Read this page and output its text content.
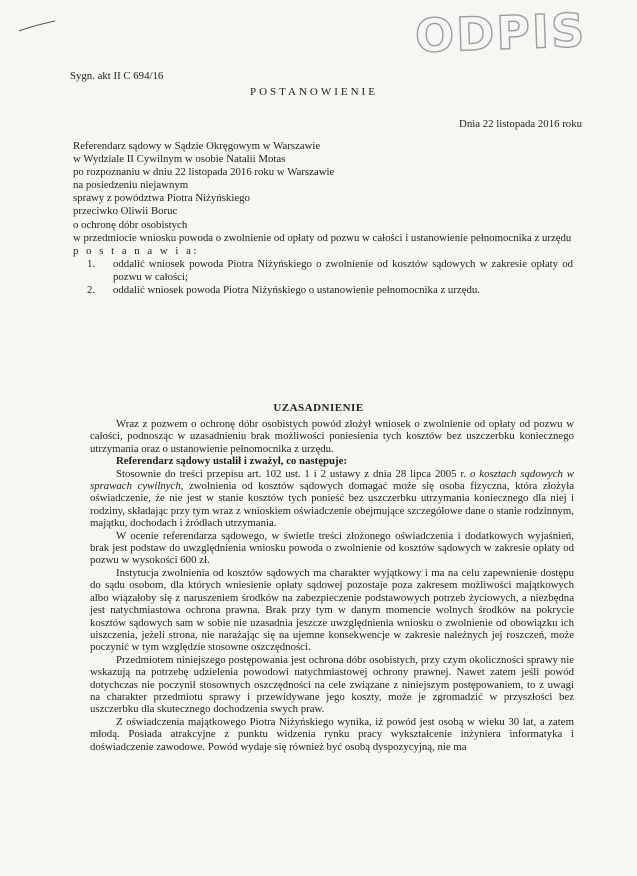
ODPIS
Sygn. akt II C 694/16
POSTANOWIENIE
Dnia 22 listopada 2016 roku
Referendarz sądowy w Sądzie Okręgowym w Warszawie
w Wydziale II Cywilnym w osobie Natalii Motas
po rozpoznaniu w dniu 22 listopada 2016 roku w Warszawie
na posiedzeniu niejawnym
sprawy z powództwa Piotra Niżyńskiego
przeciwko Oliwii Boruc
o ochronę dóbr osobistych
w przedmiocie wniosku powoda o zwolnienie od opłaty od pozwu w całości i ustanowienie pełnomocnika z urzędu
p o s t a n a w i a:
1.	oddalić wniosek powoda Piotra Niżyńskiego o zwolnienie od kosztów sądowych w zakresie opłaty od pozwu w całości;
2.	oddalić wniosek powoda Piotra Niżyńskiego o ustanowienie pełnomocnika z urzędu.
UZASADNIENIE

Wraz z pozwem o ochronę dóbr osobistych powód złożył wniosek o zwolnienie od opłaty od pozwu w całości, podnosząc w uzasadnieniu brak możliwości poniesienia tych kosztów bez uszczerbku koniecznego utrzymania oraz o ustanowienie pełnomocnika z urzędu.

Referendarz sądowy ustalił i zważył, co następuje:

Stosownie do treści przepisu art. 102 ust. 1 i 2 ustawy z dnia 28 lipca 2005 r. o kosztach sądowych w sprawach cywilnych, zwolnienia od kosztów sądowych domagać może się osoba fizyczna, która złożyła oświadczenie, że nie jest w stanie kosztów tych ponieść bez uszczerbku utrzymania koniecznego dla niej i rodziny, składając przy tym wraz z wnioskiem oświadczenie obejmujące szczegółowe dane o stanie rodzinnym, majątku, dochodach i źródłach utrzymania.

W ocenie referendarza sądowego, w świetle treści złożonego oświadczenia i dodatkowych wyjaśnień, brak jest podstaw do uwzględnienia wniosku powoda o zwolnienie od kosztów sądowych w zakresie opłaty od pozwu w wysokości 600 zł.

Instytucja zwolnienia od kosztów sądowych ma charakter wyjątkowy i ma na celu zapewnienie dostępu do sądu osobom, dla których wniesienie opłaty sądowej pozostaje poza zakresem możliwości majątkowych albo wiązałoby się z naruszeniem środków na zabezpieczenie podstawowych potrzeb życiowych, a niezbędna jest natychmiastowa ochrona prawna. Brak przy tym w danym momencie wolnych środków na pokrycie kosztów sądowych sam w sobie nie uzasadnia jeszcze uwzględnienia wniosku o zwolnienie od obowiązku ich uiszczenia, jeżeli strona, nie narażając się na ujemne konsekwencje w zakresie należnych jej roszczeń, może poczynić w tym względzie stosowne oszczędności.

Przedmiotem niniejszego postępowania jest ochrona dóbr osobistych, przy czym okoliczności sprawy nie wskazują na potrzebę udzielenia powodowi natychmiastowej ochrony prawnej. Nawet zatem jeśli powód dotychczas nie poczynił stosownych oszczędności na cele związane z niniejszym postępowaniem, to z uwagi na charakter przedmiotu sprawy i przewidywane jego koszty, może je zgromadzić w przyszłości bez uszczerbku dla skutecznego dochodzenia swych praw.

Z oświadczenia majątkowego Piotra Niżyńskiego wynika, iż powód jest osobą w wieku 30 lat, a zatem młodą. Posiada atrakcyjne z punktu widzenia rynku pracy wykształcenie inżyniera informatyka i doświadczenie zawodowe. Powód wydaje się również być osobą dyspozycyjną, nie ma
